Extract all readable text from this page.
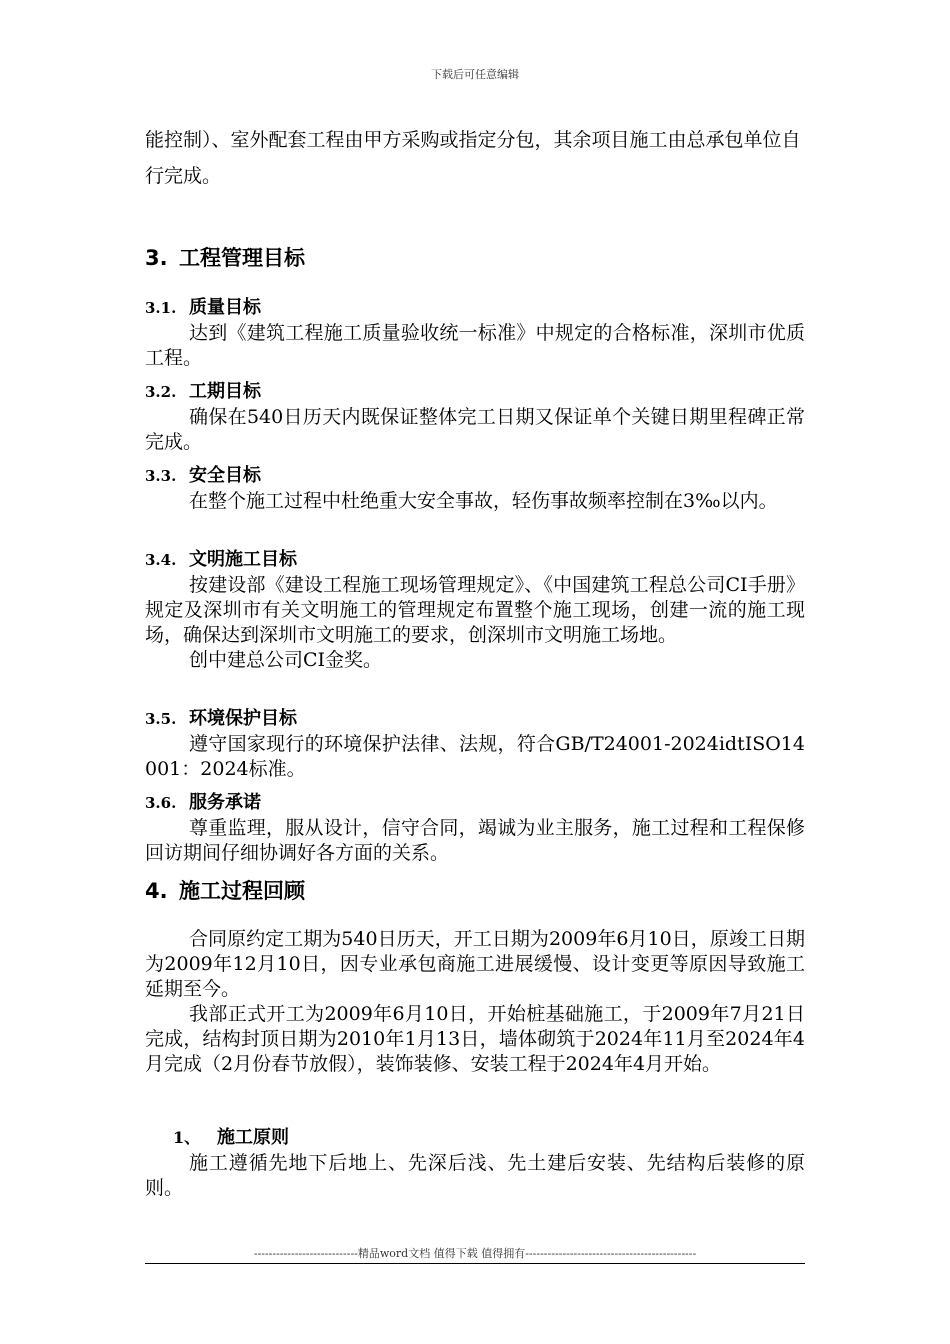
下载后可任意编辑

能控制）、室外配套工程由甲方采购或指定分包，其余项目施工由总承包单位自行完成。

3. 工程管理目标
3.1. 质量目标

达到《建筑工程施工质量验收统一标准》中规定的合格标准，深圳市优质工程。

3.2. 工期目标

确保在540日历天内既保证整体完工日期又保证单个关键日期里程碑正常完成。

3.3. 安全目标

在整个施工过程中杜绝重大安全事故，轻伤事故频率控制在3‰以内。

3.4. 文明施工目标

按建设部《建设工程施工现场管理规定》、《中国建筑工程总公司CI手册》规定及深圳市有关文明施工的管理规定布置整个施工现场，创建一流的施工现场，确保达到深圳市文明施工的要求，创深圳市文明施工场地。

创中建总公司CI金奖。

3.5. 环境保护目标

遵守国家现行的环境保护法律、法规，符合GB/T24001-2024idtISO14001：2024标准。

3.6. 服务承诺

尊重监理，服从设计，信守合同，竭诚为业主服务，施工过程和工程保修回访期间仔细协调好各方面的关系。

4. 施工过程回顾

合同原约定工期为540日历天，开工日期为2009年6月10日，原竣工日期为2009年12月10日，因专业承包商施工进展缓慢、设计变更等原因导致施工延期至今。

我部正式开工为2009年6月10日，开始桩基础施工，于2009年7月21日完成，结构封顶日期为2010年1月13日，墙体砌筑于2024年11月至2024年4月完成（2月份春节放假），装饰装修、安装工程于2024年4月开始。

1、 施工原则

施工遵循先地下后地上、先深后浅、先土建后安装、先结构后装修的原则。

----------------------------精品word文档 值得下载 值得拥有----------------------------------------------
